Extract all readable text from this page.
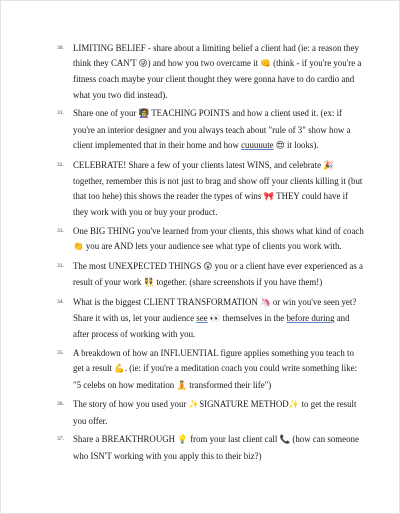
30. LIMITING BELIEF - share about a limiting belief a client had (ie: a reason they think they CAN'T 😜) and how you two overcame it 👊 (think - if you're you're a fitness coach maybe your client thought they were gonna have to do cardio and what you two did instead).
31. Share one of your 👩‍🏫 TEACHING POINTS and how a client used it. (ex: if you're an interior designer and you always teach about "rule of 3" show how a client implemented that in their home and how cuuuuute 😍 it looks).
32. CELEBRATE! Share a few of your clients latest WINS, and celebrate 🎉 together, remember this is not just to brag and show off your clients killing it (but that too hehe) this shows the reader the types of wins 🎀 THEY could have if they work with you or buy your product.
33. One BIG THING you've learned from your clients, this shows what kind of coach 👏 you are AND lets your audience see what type of clients you work with.
33. The most UNEXPECTED THINGS 😲 you or a client have ever experienced as a result of your work 👯 together. (share screenshots if you have them!)
34. What is the biggest CLIENT TRANSFORMATION 🦄 or win you've seen yet? Share it with us, let your audience see 👀 themselves in the before during and after process of working with you.
35. A breakdown of how an INFLUENTIAL figure applies something you teach to get a result 💪. (ie: if you're a meditation coach you could write something like: "5 celebs on how meditation 🧘 transformed their life")
36. The story of how you used your ✨SIGNATURE METHOD✨ to get the result you offer.
37. Share a BREAKTHROUGH 💡 from your last client call 📞 (how can someone who ISN'T working with you apply this to their biz?)
